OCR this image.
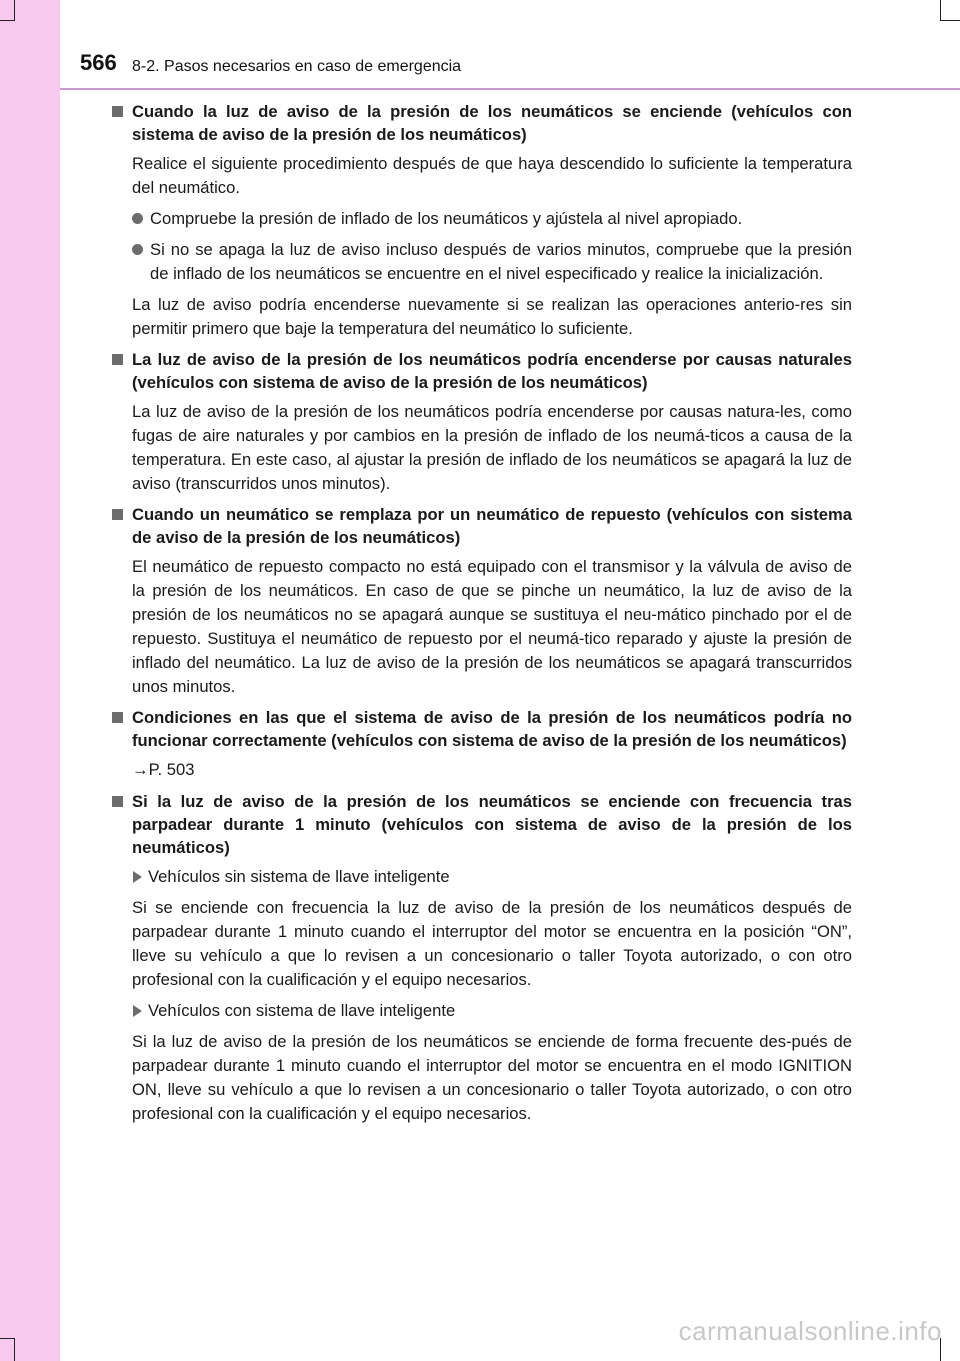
566 8-2. Pasos necesarios en caso de emergencia
Cuando la luz de aviso de la presión de los neumáticos se enciende (vehículos con sistema de aviso de la presión de los neumáticos)

Realice el siguiente procedimiento después de que haya descendido lo suficiente la temperatura del neumático.

Compruebe la presión de inflado de los neumáticos y ajústela al nivel apropiado.
Si no se apaga la luz de aviso incluso después de varios minutos, compruebe que la presión de inflado de los neumáticos se encuentre en el nivel especificado y realice la inicialización.

La luz de aviso podría encenderse nuevamente si se realizan las operaciones anterio-res sin permitir primero que baje la temperatura del neumático lo suficiente.

La luz de aviso de la presión de los neumáticos podría encenderse por causas naturales (vehículos con sistema de aviso de la presión de los neumáticos)

La luz de aviso de la presión de los neumáticos podría encenderse por causas natura-les, como fugas de aire naturales y por cambios en la presión de inflado de los neumá-ticos a causa de la temperatura. En este caso, al ajustar la presión de inflado de los neumáticos se apagará la luz de aviso (transcurridos unos minutos).

Cuando un neumático se remplaza por un neumático de repuesto (vehículos con sistema de aviso de la presión de los neumáticos)

El neumático de repuesto compacto no está equipado con el transmisor y la válvula de aviso de la presión de los neumáticos. En caso de que se pinche un neumático, la luz de aviso de la presión de los neumáticos no se apagará aunque se sustituya el neu-mático pinchado por el de repuesto. Sustituya el neumático de repuesto por el neumá-tico reparado y ajuste la presión de inflado del neumático. La luz de aviso de la presión de los neumáticos se apagará transcurridos unos minutos.

Condiciones en las que el sistema de aviso de la presión de los neumáticos podría no funcionar correctamente (vehículos con sistema de aviso de la presión de los neumáticos)

→P. 503

Si la luz de aviso de la presión de los neumáticos se enciende con frecuencia tras parpadear durante 1 minuto (vehículos con sistema de aviso de la presión de los neumáticos)
Vehículos sin sistema de llave inteligente

Si se enciende con frecuencia la luz de aviso de la presión de los neumáticos después de parpadear durante 1 minuto cuando el interruptor del motor se encuentra en la posición “ON”, lleve su vehículo a que lo revisen a un concesionario o taller Toyota autorizado, o con otro profesional con la cualificación y el equipo necesarios.

Vehículos con sistema de llave inteligente

Si la luz de aviso de la presión de los neumáticos se enciende de forma frecuente des-pués de parpadear durante 1 minuto cuando el interruptor del motor se encuentra en el modo IGNITION ON, lleve su vehículo a que lo revisen a un concesionario o taller Toyota autorizado, o con otro profesional con la cualificación y el equipo necesarios.

carmanualsonline.info
